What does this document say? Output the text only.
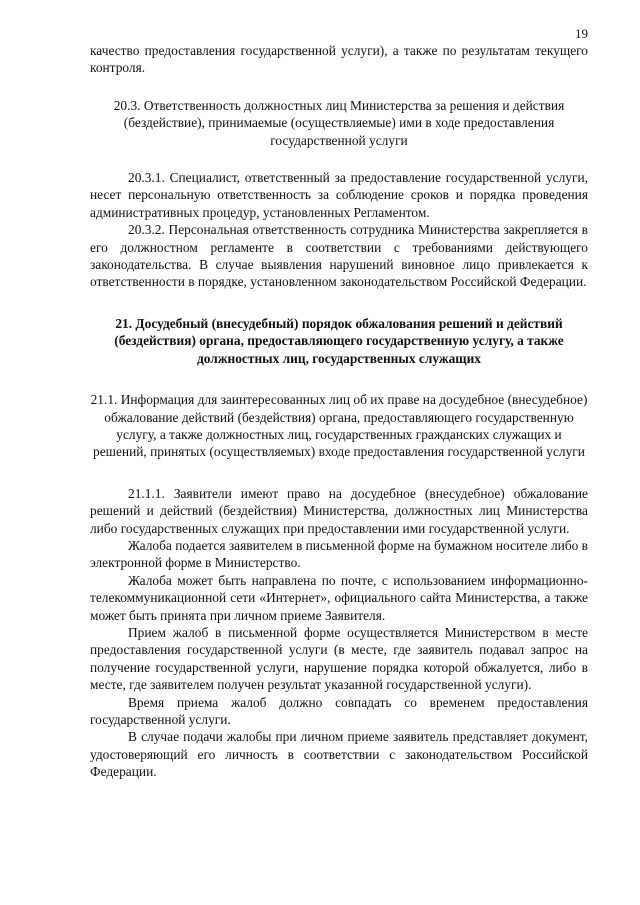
19

качество предоставления государственной услуги), а также по результатам текущего контроля.

20.3. Ответственность должностных лиц Министерства за решения и действия (бездействие), принимаемые (осуществляемые) ими в ходе предоставления государственной услуги

20.3.1. Специалист, ответственный за предоставление государственной услуги, несет персональную ответственность за соблюдение сроков и порядка проведения административных процедур, установленных Регламентом.

20.3.2. Персональная ответственность сотрудника Министерства закрепляется в его должностном регламенте в соответствии с требованиями действующего законодательства. В случае выявления нарушений виновное лицо привлекается к ответственности в порядке, установленном законодательством Российской Федерации.

21. Досудебный (внесудебный) порядок обжалования решений и действий (бездействия) органа, предоставляющего государственную услугу, а также должностных лиц, государственных служащих

21.1. Информация для заинтересованных лиц об их праве на досудебное (внесудебное) обжалование действий (бездействия) органа, предоставляющего государственную услугу, а также должностных лиц, государственных гражданских служащих и решений, принятых (осуществляемых) входе предоставления государственной услуги

21.1.1. Заявители имеют право на досудебное (внесудебное) обжалование решений и действий (бездействия) Министерства, должностных лиц Министерства либо государственных служащих при предоставлении ими государственной услуги.

Жалоба подается заявителем в письменной форме на бумажном носителе либо в электронной форме в Министерство.

Жалоба может быть направлена по почте, с использованием информационно-телекоммуникационной сети «Интернет», официального сайта Министерства, а также может быть принята при личном приеме Заявителя.

Прием жалоб в письменной форме осуществляется Министерством в месте предоставления государственной услуги (в месте, где заявитель подавал запрос на получение государственной услуги, нарушение порядка которой обжалуется, либо в месте, где заявителем получен результат указанной государственной услуги).

Время приема жалоб должно совпадать со временем предоставления государственной услуги.

В случае подачи жалобы при личном приеме заявитель представляет документ, удостоверяющий его личность в соответствии с законодательством Российской Федерации.
